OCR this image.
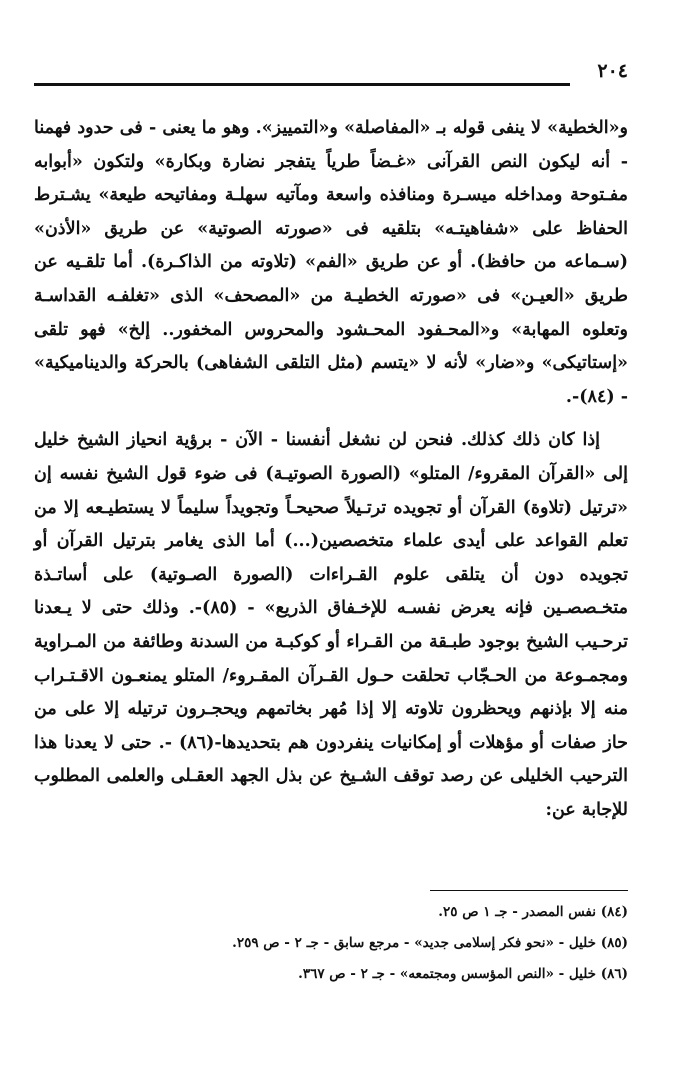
٢٠٤

و«الخطية» لا ينفى قوله بـ «المفاصلة» و«التمييز». وهو ما يعنى - فى حدود فهمنا - أنه ليكون النص القرآنى «غـضاً طرياً يتفجر نضارة وبكارة» ولتكون «أبوابه مفـتوحة ومداخله ميسـرة ومنافذه واسعة ومآتيه سهلـة ومفاتيحه طيعة» يشـترط الحفاظ على «شفاهيتـه» بتلقيه فى «صورته الصوتية» عن طريق «الأذن» (سـماعه من حافظ). أو عن طريق «الفم» (تلاوته من الذاكـرة). أما تلقـيه عن طريق «العيـن» فى «صورته الخطيـة من «المصحف» الذى «تغلفـه القداسـة وتعلوه المهابة» و«المحـفود المحـشود والمحروس المخفور.. إلخ» فهو تلقى «إستاتيكى» و«ضار» لأنه لا «يتسم (مثل التلقى الشفاهى) بالحركة والديناميكية» - (٨٤)-.

إذا كان ذلك كذلك. فنحن لن نشغل أنفسنا - الآن - برؤية انحياز الشيخ خليل إلى «القرآن المقروء/ المتلو» (الصورة الصوتيـة) فى ضوء قول الشيخ نفسه إن «ترتيل (تلاوة) القرآن أو تجويده ترتـيلاً صحيحـاً وتجويداً سليماً لا يستطيـعه إلا من تعلم القواعد على أيدى علماء متخصصين(...) أما الذى يغامر بترتيل القرآن أو تجويده دون أن يتلقى علوم القـراءات (الصورة الصـوتية) على أساتـذة متخـصصـين فإنه يعرض نفسـه للإخـفاق الذريع» - (٨٥)-. وذلك حتى لا يـعدنا ترحـيب الشيخ بوجود طبـقة من القـراء أو كوكبـة من السدنة وطائفة من المـراوية ومجمـوعة من الحـجّاب تحلقت حـول القـرآن المقـروء/ المتلو يمنعـون الاقـتـراب منه إلا بإذنهم ويحظرون تلاوته إلا إذا مُهر بخاتمهم ويحجـرون ترتيله إلا على من حاز صفات أو مؤهلات أو إمكانيات ينفردون هم بتحديدها-(٨٦) -. حتى لا يعدنا هذا الترحيب الخليلى عن رصد توقف الشـيخ عن بذل الجهد العقـلى والعلمى المطلوب للإجابة عن:

(٨٤) نفس المصدر - جـ ١ ص ٢٥.
(٨٥) خليل - «نحو فكر إسلامى جديد» - مرجع سابق - جـ ٢ - ص ٢٥٩.
(٨٦) خليل - «النص المؤسس ومجتمعه» - جـ ٢ - ص ٣٦٧.
